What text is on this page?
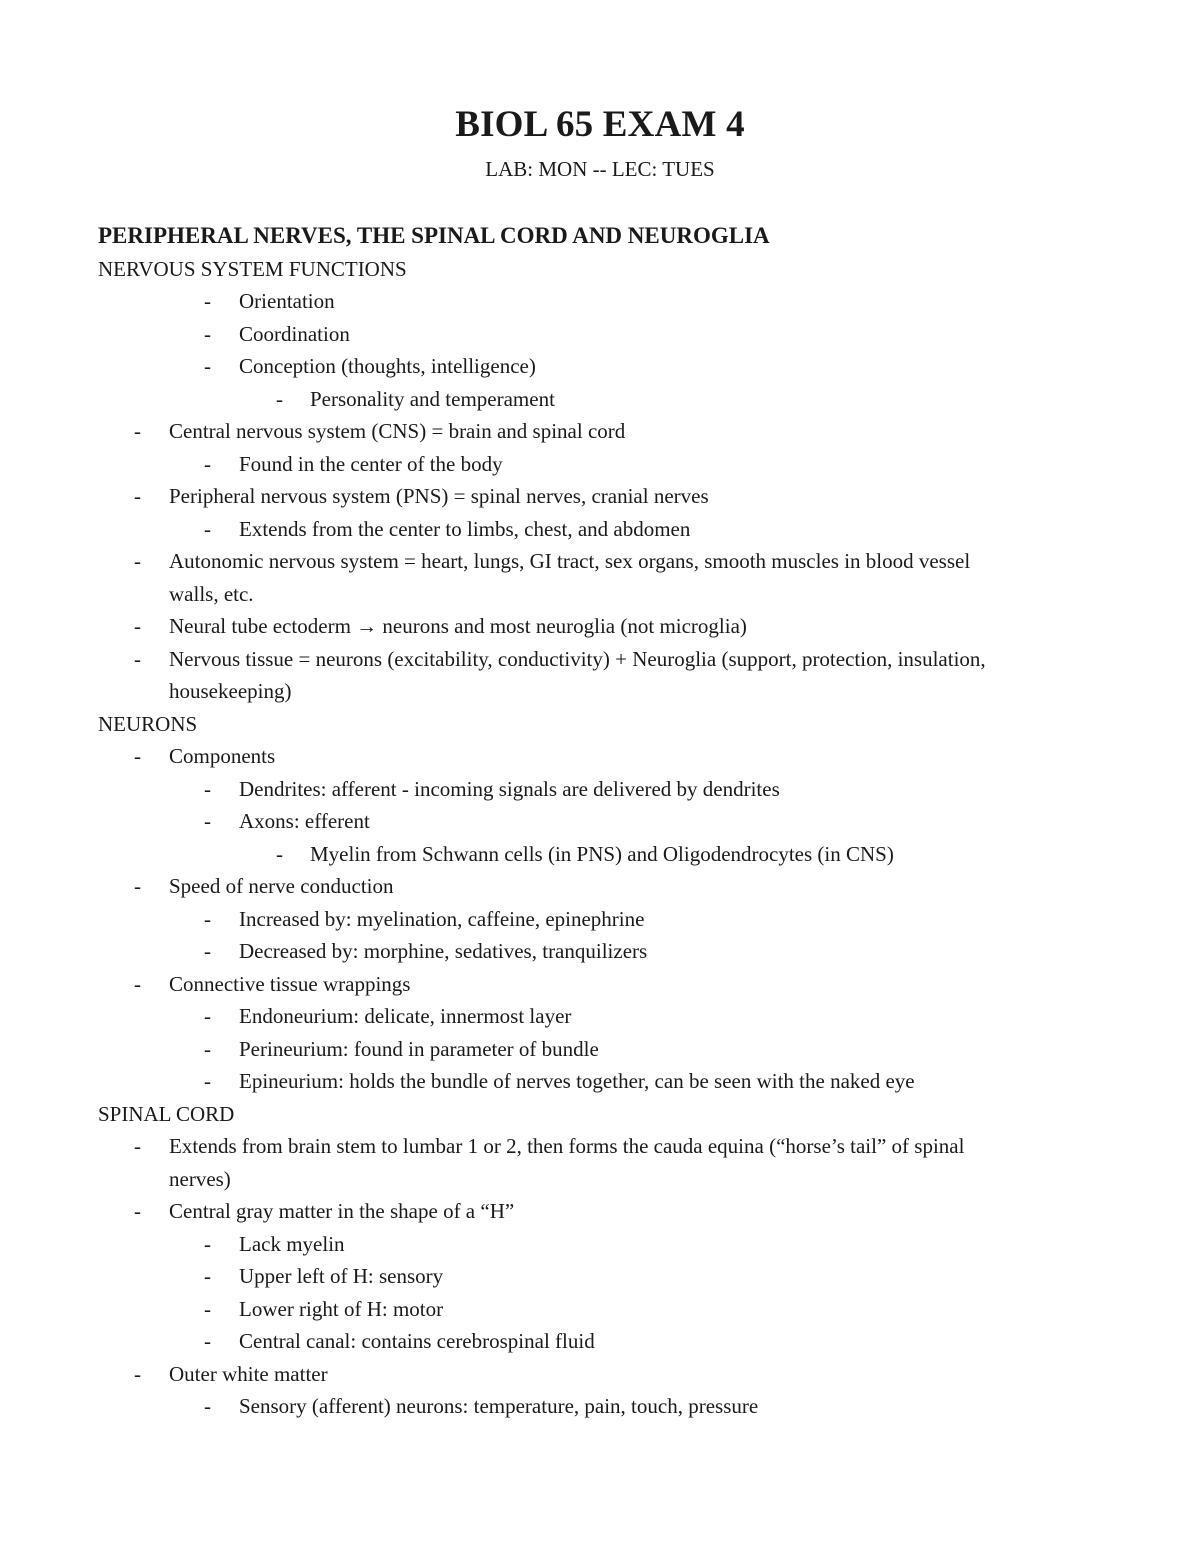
BIOL 65 EXAM 4
LAB: MON -- LEC: TUES
PERIPHERAL NERVES, THE SPINAL CORD AND NEUROGLIA
NERVOUS SYSTEM FUNCTIONS
- Orientation
- Coordination
- Conception (thoughts, intelligence)
- Personality and temperament
- Central nervous system (CNS) = brain and spinal cord
- Found in the center of the body
- Peripheral nervous system (PNS) = spinal nerves, cranial nerves
- Extends from the center to limbs, chest, and abdomen
- Autonomic nervous system = heart, lungs, GI tract, sex organs, smooth muscles in blood vessel
walls, etc.
- Neural tube ectoderm → neurons and most neuroglia (not microglia)
- Nervous tissue = neurons (excitability, conductivity) + Neuroglia (support, protection, insulation,
housekeeping)
NEURONS
- Components
- Dendrites: afferent - incoming signals are delivered by dendrites
- Axons: efferent
- Myelin from Schwann cells (in PNS) and Oligodendrocytes (in CNS)
- Speed of nerve conduction
- Increased by: myelination, caffeine, epinephrine
- Decreased by: morphine, sedatives, tranquilizers
- Connective tissue wrappings
- Endoneurium: delicate, innermost layer
- Perineurium: found in parameter of bundle
- Epineurium: holds the bundle of nerves together, can be seen with the naked eye
SPINAL CORD
- Extends from brain stem to lumbar 1 or 2, then forms the cauda equina (“horse’s tail” of spinal
nerves)
- Central gray matter in the shape of a “H”
- Lack myelin
- Upper left of H: sensory
- Lower right of H: motor
- Central canal: contains cerebrospinal fluid
- Outer white matter
- Sensory (afferent) neurons: temperature, pain, touch, pressure
